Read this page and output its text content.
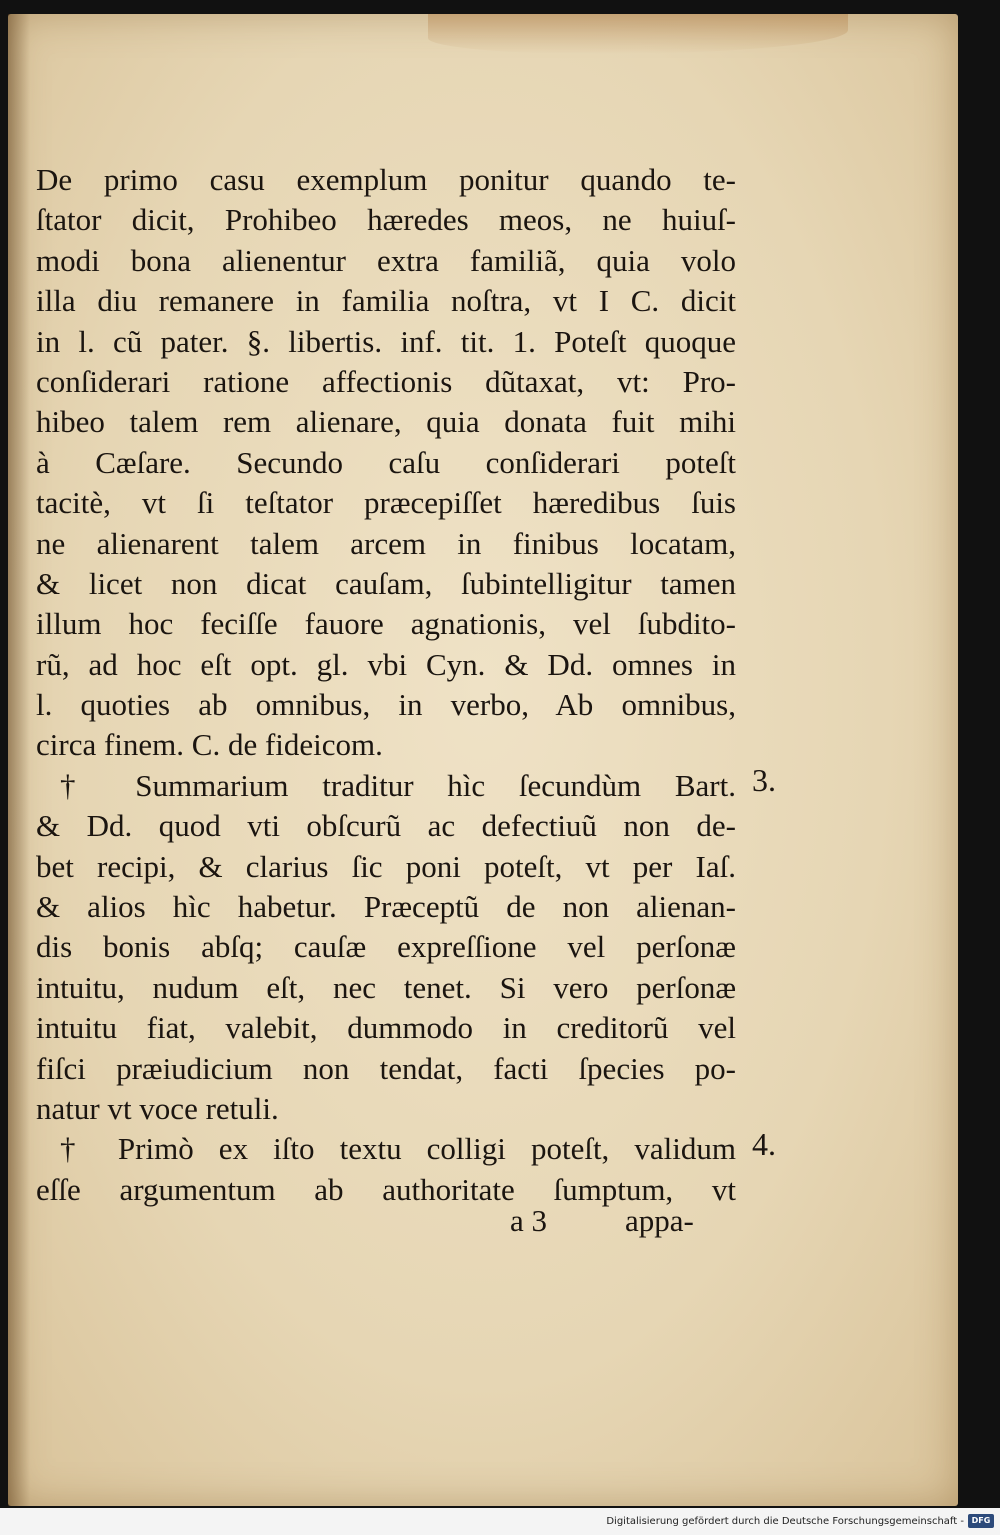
De primo casu exemplum ponitur quando te-
ſtator dicit, Prohibeo hæredes meos, ne huiuſ-
modi bona alienentur extra familiã, quia volo
illa diu remanere in familia noſtra, vt I C. dicit
in l. cũ pater. §. libertis. inf. tit. 1. Poteſt quoque
conſiderari ratione affectionis dũtaxat, vt: Pro-
hibeo talem rem alienare, quia donata fuit mihi
à Cæſare. Secundo caſu conſiderari poteſt
tacitè, vt ſi teſtator præcepiſſet hæredibus ſuis
ne alienarent talem arcem in finibus locatam,
& licet non dicat cauſam, ſubintelligitur tamen
illum hoc feciſſe fauore agnationis, vel ſubdito-
rũ, ad hoc eſt opt. gl. vbi Cyn. & Dd. omnes in
l. quoties ab omnibus, in verbo, Ab omnibus,
circa finem. C. de fideicom.
† Summarium traditur hìc ſecundùm Bart.
& Dd. quod vti obſcurũ ac defectiuũ non de-
bet recipi, & clarius ſic poni poteſt, vt per Iaſ.
& alios hìc habetur. Præceptũ de non alienan-
dis bonis abſq; cauſæ expreſſione vel perſonæ
intuitu, nudum eſt, nec tenet. Si vero perſonæ
intuitu fiat, valebit, dummodo in creditorũ vel
fiſci præiudicium non tendat, facti ſpecies po-
natur vt voce retuli.
† Primò ex iſto textu colligi poteſt, validum
eſſe argumentum ab authoritate ſumptum, vt
3.
4.
a 3	appa-
Digitalisierung gefördert durch die Deutsche Forschungsgemeinschaft - DFG
